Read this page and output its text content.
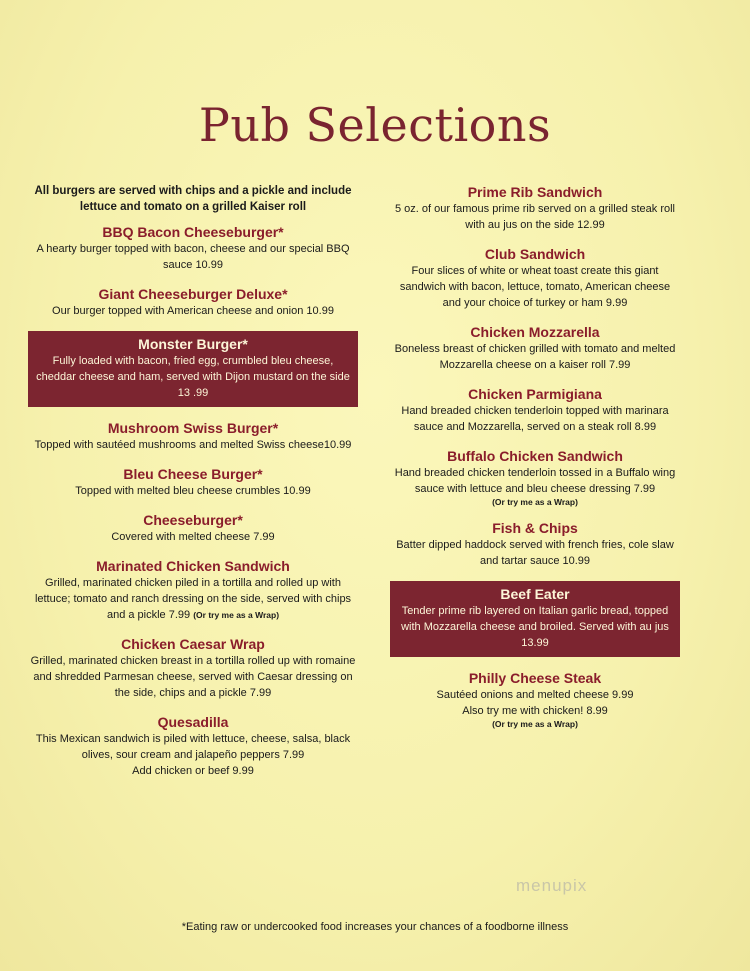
Pub Selections
All burgers are served with chips and a pickle and include lettuce and tomato on a grilled Kaiser roll
BBQ Bacon Cheeseburger*
A hearty burger topped with bacon, cheese and our special BBQ sauce 10.99
Giant Cheeseburger Deluxe*
Our burger topped with American cheese and onion 10.99
Monster Burger*
Fully loaded with bacon, fried egg, crumbled bleu cheese, cheddar cheese and ham, served with Dijon mustard on the side 13 .99
Mushroom Swiss Burger*
Topped with sautéed mushrooms and melted Swiss cheese10.99
Bleu Cheese Burger*
Topped with melted bleu cheese crumbles 10.99
Cheeseburger*
Covered with melted cheese 7.99
Marinated Chicken Sandwich
Grilled, marinated chicken piled in a tortilla and rolled up with lettuce; tomato and ranch dressing on the side, served with chips and a pickle 7.99 (Or try me as a Wrap)
Chicken Caesar Wrap
Grilled, marinated chicken breast in a tortilla rolled up with romaine and shredded Parmesan cheese, served with Caesar dressing on the side, chips and a pickle 7.99
Quesadilla
This Mexican sandwich is piled with lettuce, cheese, salsa, black olives, sour cream and jalapeño peppers 7.99
Add chicken or beef 9.99
Prime Rib Sandwich
5 oz. of our famous prime rib served on a grilled steak roll with au jus on the side 12.99
Club Sandwich
Four slices of white or wheat toast create this giant sandwich with bacon, lettuce, tomato, American cheese and your choice of turkey or ham 9.99
Chicken Mozzarella
Boneless breast of chicken grilled with tomato and melted Mozzarella cheese on a kaiser roll 7.99
Chicken Parmigiana
Hand breaded chicken tenderloin topped with marinara sauce and Mozzarella, served on a steak roll 8.99
Buffalo Chicken Sandwich
Hand breaded chicken tenderloin tossed in a Buffalo wing sauce with lettuce and bleu cheese dressing 7.99
(Or try me as a Wrap)
Fish & Chips
Batter dipped haddock served with french fries, cole slaw and tartar sauce 10.99
Beef Eater
Tender prime rib layered on Italian garlic bread, topped with Mozzarella cheese and broiled. Served with au jus 13.99
Philly Cheese Steak
Sautéed onions and melted cheese 9.99
Also try me with chicken! 8.99
(Or try me as a Wrap)
menupix
*Eating raw or undercooked food increases your chances of a foodborne illness
